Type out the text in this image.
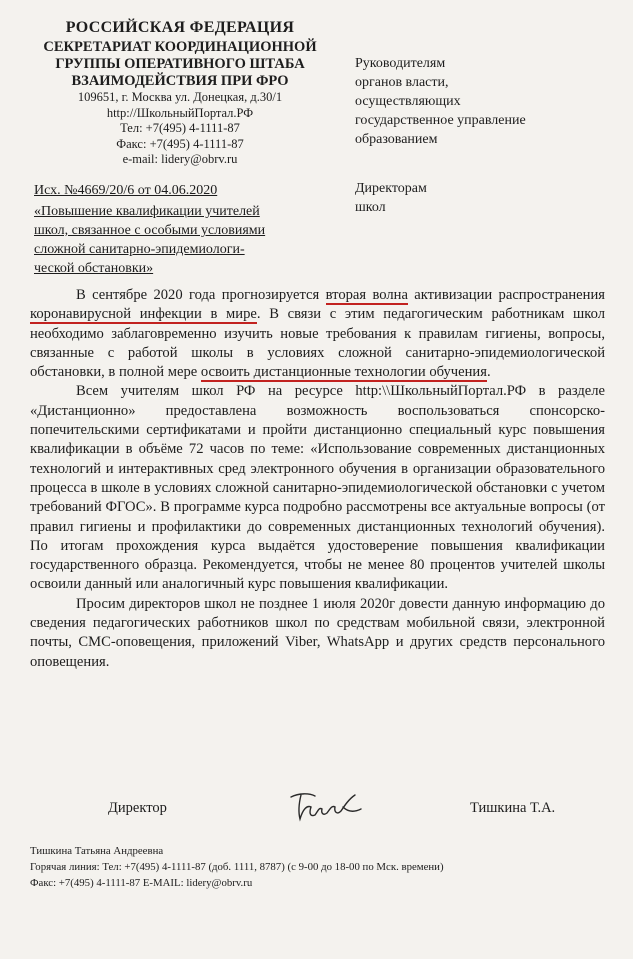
РОССИЙСКАЯ ФЕДЕРАЦИЯ
СЕКРЕТАРИАТ КООРДИНАЦИОННОЙ
ГРУППЫ ОПЕРАТИВНОГО ШТАБА
ВЗАИМОДЕЙСТВИЯ ПРИ ФРО
109651, г. Москва ул. Донецкая, д.30/1
http://ШкольныйПортал.РФ
Тел: +7(495) 4-1111-87
Факс: +7(495) 4-1111-87
e-mail: lidery@obrv.ru
Руководителям
органов власти,
осуществляющих
государственное управление
образованием
Директорам
школ
Исх. №4669/20/6 от 04.06.2020
«Повышение квалификации учителей
школ, связанное с особыми условиями
сложной санитарно-эпидемиологи-
ческой обстановки»

В сентябре 2020 года прогнозируется вторая волна активизации распространения коронавирусной инфекции в мире. В связи с этим педагогическим работникам школ необходимо заблаговременно изучить новые требования к правилам гигиены, вопросы, связанные с работой школы в условиях сложной санитарно-эпидемиологической обстановки, в полной мере освоить дистанционные технологии обучения.

Всем учителям школ РФ на ресурсе http:\\ШкольныйПортал.РФ в разделе «Дистанционно» предоставлена возможность воспользоваться спонсорско-попечительскими сертификатами и пройти дистанционно специальный курс повышения квалификации в объёме 72 часов по теме: «Использование современных дистанционных технологий и интерактивных сред электронного обучения в организации образовательного процесса в школе в условиях сложной санитарно-эпидемиологической обстановки с учетом требований ФГОС». В программе курса подробно рассмотрены все актуальные вопросы (от правил гигиены и профилактики до современных дистанционных технологий обучения). По итогам прохождения курса выдаётся удостоверение повышения квалификации государственного образца. Рекомендуется, чтобы не менее 80 процентов учителей школы освоили данный или аналогичный курс повышения квалификации.

Просим директоров школ не позднее 1 июля 2020г довести данную информацию до сведения педагогических работников школ по средствам мобильной связи, электронной почты, СМС-оповещения, приложений Viber, WhatsApp и других средств персонального оповещения.

Директор	Тишкина Т.А.
Тишкина Татьяна Андреевна
Горячая линия: Тел: +7(495) 4-1111-87 (доб. 1111, 8787) (с 9-00 до 18-00 по Мск. времени)
Факс: +7(495) 4-1111-87 E-MAIL: lidery@obrv.ru
